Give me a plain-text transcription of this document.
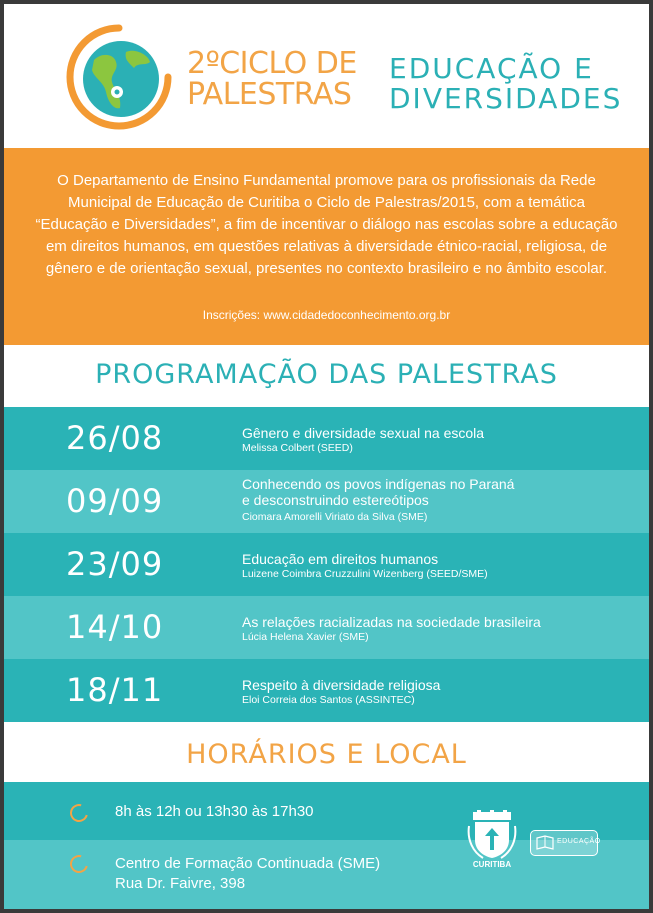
2ºCICLO DE
PALESTRAS
EDUCAÇÃO E
DIVERSIDADES

O Departamento de Ensino Fundamental promove para os profissionais da Rede Municipal de Educação de Curitiba o Ciclo de Palestras/2015, com a temática “Educação e Diversidades”, a fim de incentivar o diálogo nas escolas sobre a educação em direitos humanos, em questões relativas à diversidade étnico-racial, religiosa, de gênero e de orientação sexual, presentes no contexto brasileiro e no âmbito escolar.

Inscrições: www.cidadedoconhecimento.org.br
PROGRAMAÇÃO DAS PALESTRAS
26/08	Gênero e diversidade sexual na escola
Melissa Colbert (SEED)
09/09	Conhecendo os povos indígenas no Paraná
e desconstruindo estereótipos
Ciomara Amorelli Viriato da Silva (SME)
23/09	Educação em direitos humanos
Luizene Coimbra Cruzzulini Wizenberg (SEED/SME)
14/10	As relações racializadas na sociedade brasileira
Lúcia Helena Xavier (SME)
18/11	Respeito à diversidade religiosa
Eloi Correia dos Santos (ASSINTEC)
HORÁRIOS E LOCAL
8h às 12h ou 13h30 às 17h30
Centro de Formação Continuada (SME)
Rua Dr. Faivre, 398
CURITIBA
EDUCAÇÃO
